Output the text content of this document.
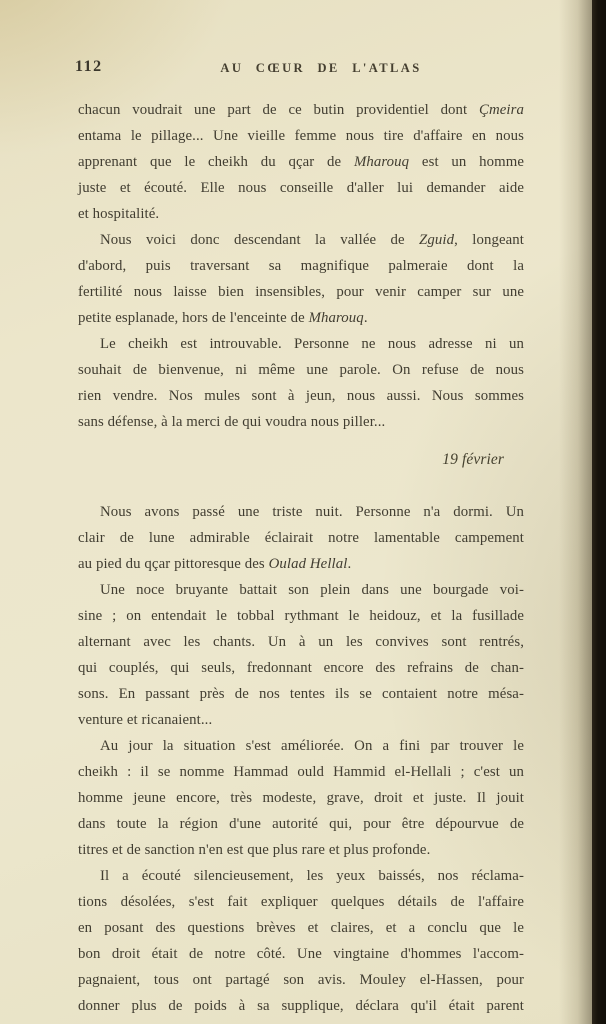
112	AU CŒUR DE L'ATLAS
chacun voudrait une part de ce butin providentiel dont Çmeira
entama le pillage... Une vieille femme nous tire d'affaire en nous
apprenant que le cheikh du qçar de Mharouq est un homme
juste et écouté. Elle nous conseille d'aller lui demander aide
et hospitalité.
Nous voici donc descendant la vallée de Zguid, longeant
d'abord, puis traversant sa magnifique palmeraie dont la
fertilité nous laisse bien insensibles, pour venir camper sur une
petite esplanade, hors de l'enceinte de Mharouq.
Le cheikh est introuvable. Personne ne nous adresse ni un
souhait de bienvenue, ni même une parole. On refuse de nous
rien vendre. Nos mules sont à jeun, nous aussi. Nous sommes
sans défense, à la merci de qui voudra nous piller...
19 février
Nous avons passé une triste nuit. Personne n'a dormi. Un
clair de lune admirable éclairait notre lamentable campement
au pied du qçar pittoresque des Oulad Hellal.
Une noce bruyante battait son plein dans une bourgade voi-
sine ; on entendait le tobbal rythmant le heidouz, et la fusillade
alternant avec les chants. Un à un les convives sont rentrés,
qui couplés, qui seuls, fredonnant encore des refrains de chan-
sons. En passant près de nos tentes ils se contaient notre mésa-
venture et ricanaient...
Au jour la situation s'est améliorée. On a fini par trouver le
cheikh : il se nomme Hammad ould Hammid el-Hellali ; c'est un
homme jeune encore, très modeste, grave, droit et juste. Il jouit
dans toute la région d'une autorité qui, pour être dépourvue de
titres et de sanction n'en est que plus rare et plus profonde.
Il a écouté silencieusement, les yeux baissés, nos réclama-
tions désolées, s'est fait expliquer quelques détails de l'affaire
en posant des questions brèves et claires, et a conclu que le
bon droit était de notre côté. Une vingtaine d'hommes l'accom-
pagnaient, tous ont partagé son avis. Mouley el-Hassen, pour
donner plus de poids à sa supplique, déclara qu'il était parent
